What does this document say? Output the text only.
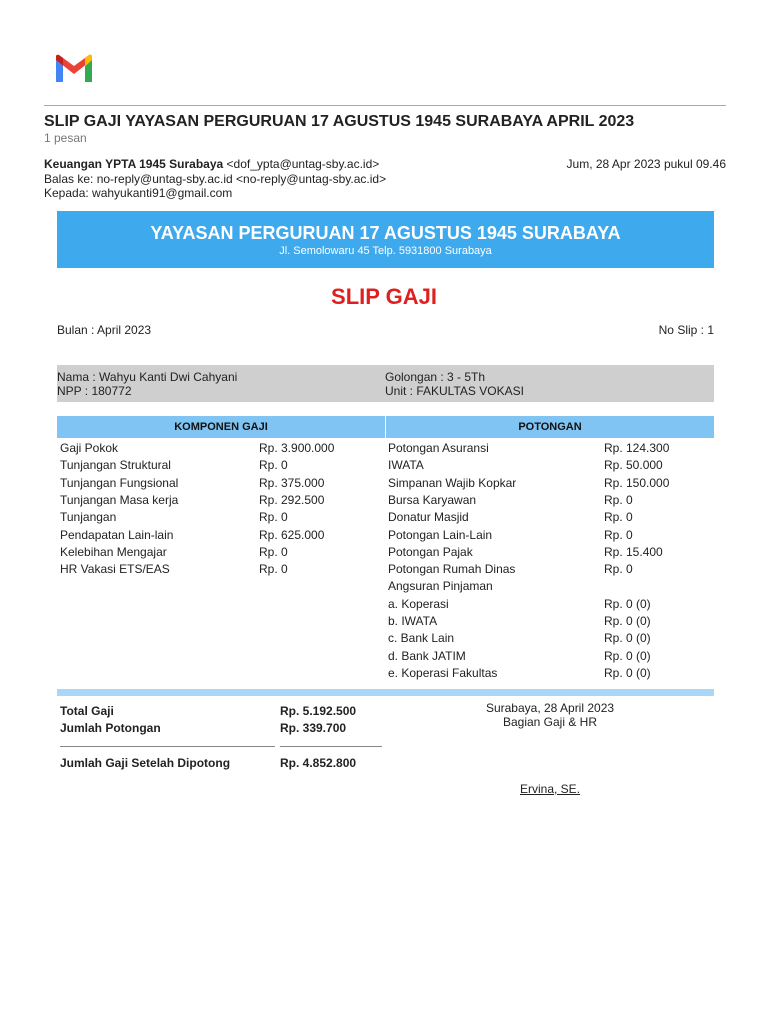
SLIP GAJI YAYASAN PERGURUAN 17 AGUSTUS 1945 SURABAYA APRIL 2023
1 pesan
Keuangan YPTA 1945 Surabaya <dof_ypta@untag-sby.ac.id>	Jum, 28 Apr 2023 pukul 09.46
Balas ke: no-reply@untag-sby.ac.id <no-reply@untag-sby.ac.id>
Kepada: wahyukanti91@gmail.com
YAYASAN PERGURUAN 17 AGUSTUS 1945 SURABAYA
Jl. Semolowaru 45 Telp. 5931800 Surabaya
SLIP GAJI
Bulan : April 2023	No Slip : 1
Nama : Wahyu Kanti Dwi Cahyani
NPP : 180772
Golongan : 3 - 5Th
Unit : FAKULTAS VOKASI
KOMPONEN GAJI	POTONGAN
Gaji Pokok	Rp. 3.900.000
Tunjangan Struktural	Rp. 0
Tunjangan Fungsional	Rp. 375.000
Tunjangan Masa kerja	Rp. 292.500
Tunjangan	Rp. 0
Pendapatan Lain-lain	Rp. 625.000
Kelebihan Mengajar	Rp. 0
HR Vakasi ETS/EAS	Rp. 0
Potongan Asuransi	Rp. 124.300
IWATA	Rp. 50.000
Simpanan Wajib Kopkar	Rp. 150.000
Bursa Karyawan	Rp. 0
Donatur Masjid	Rp. 0
Potongan Lain-Lain	Rp. 0
Potongan Pajak	Rp. 15.400
Potongan Rumah Dinas	Rp. 0
Angsuran Pinjaman
a. Koperasi	Rp. 0 (0)
b. IWATA	Rp. 0 (0)
c. Bank Lain	Rp. 0 (0)
d. Bank JATIM	Rp. 0 (0)
e. Koperasi Fakultas	Rp. 0 (0)
Total Gaji	Rp. 5.192.500
Jumlah Potongan	Rp. 339.700
Jumlah Gaji Setelah Dipotong	Rp. 4.852.800
Surabaya, 28 April 2023
Bagian Gaji & HR
Ervina, SE.
